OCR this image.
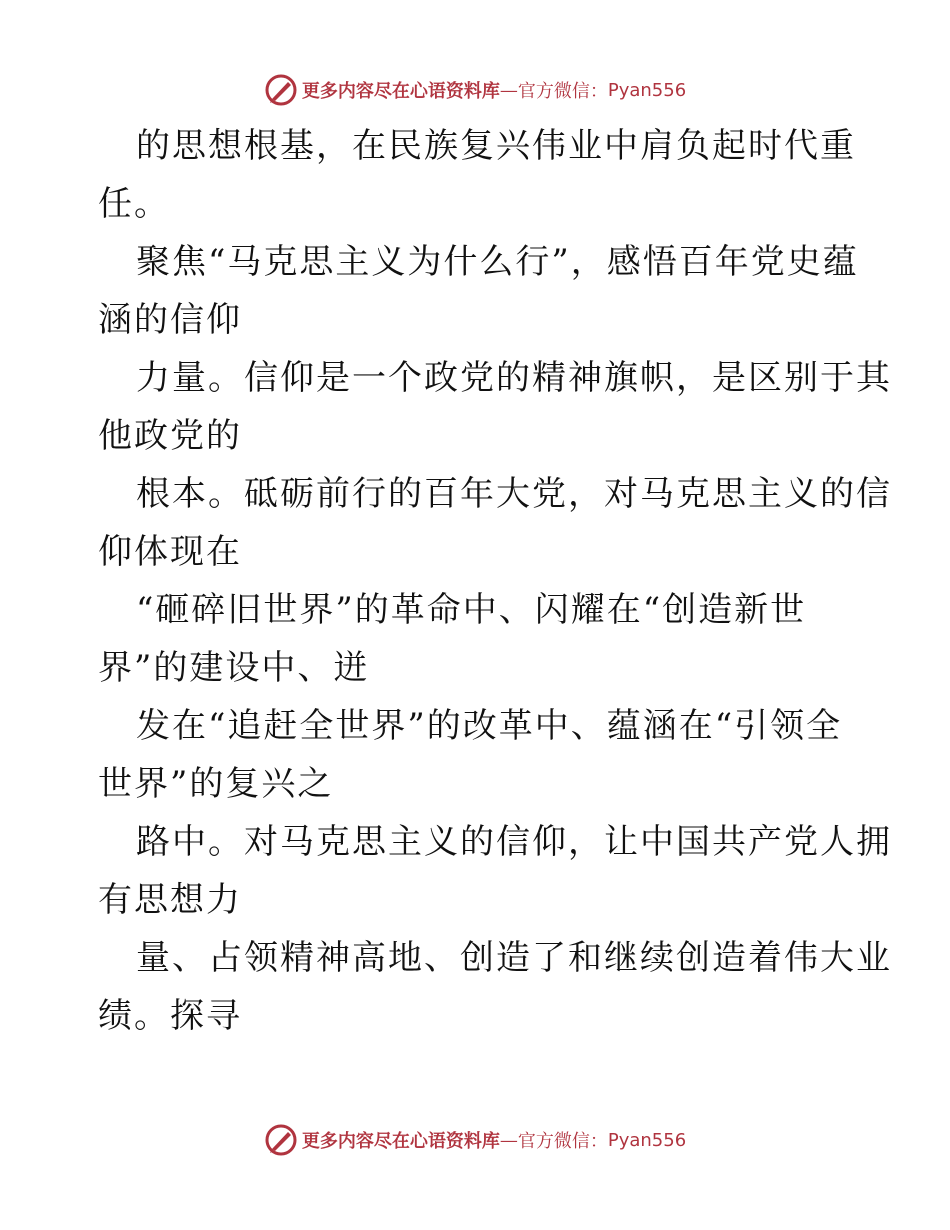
更多内容尽在心语资料库 — 官方微信： Pyan556
的思想根基，在民族复兴伟业中肩负起时代重
任。
聚焦“马克思主义为什么行”，感悟百年党史蕴
涵的信仰
力量。信仰是一个政党的精神旗帜，是区别于其
他政党的
根本。砥砺前行的百年大党，对马克思主义的信
仰体现在
“砸碎旧世界”的革命中、闪耀在“创造新世
界”的建设中、迸
发在“追赶全世界”的改革中、蕴涵在“引领全
世界”的复兴之
路中。对马克思主义的信仰，让中国共产党人拥
有思想力
量、占领精神高地、创造了和继续创造着伟大业
绩。探寻
更多内容尽在心语资料库 — 官方微信： Pyan556
